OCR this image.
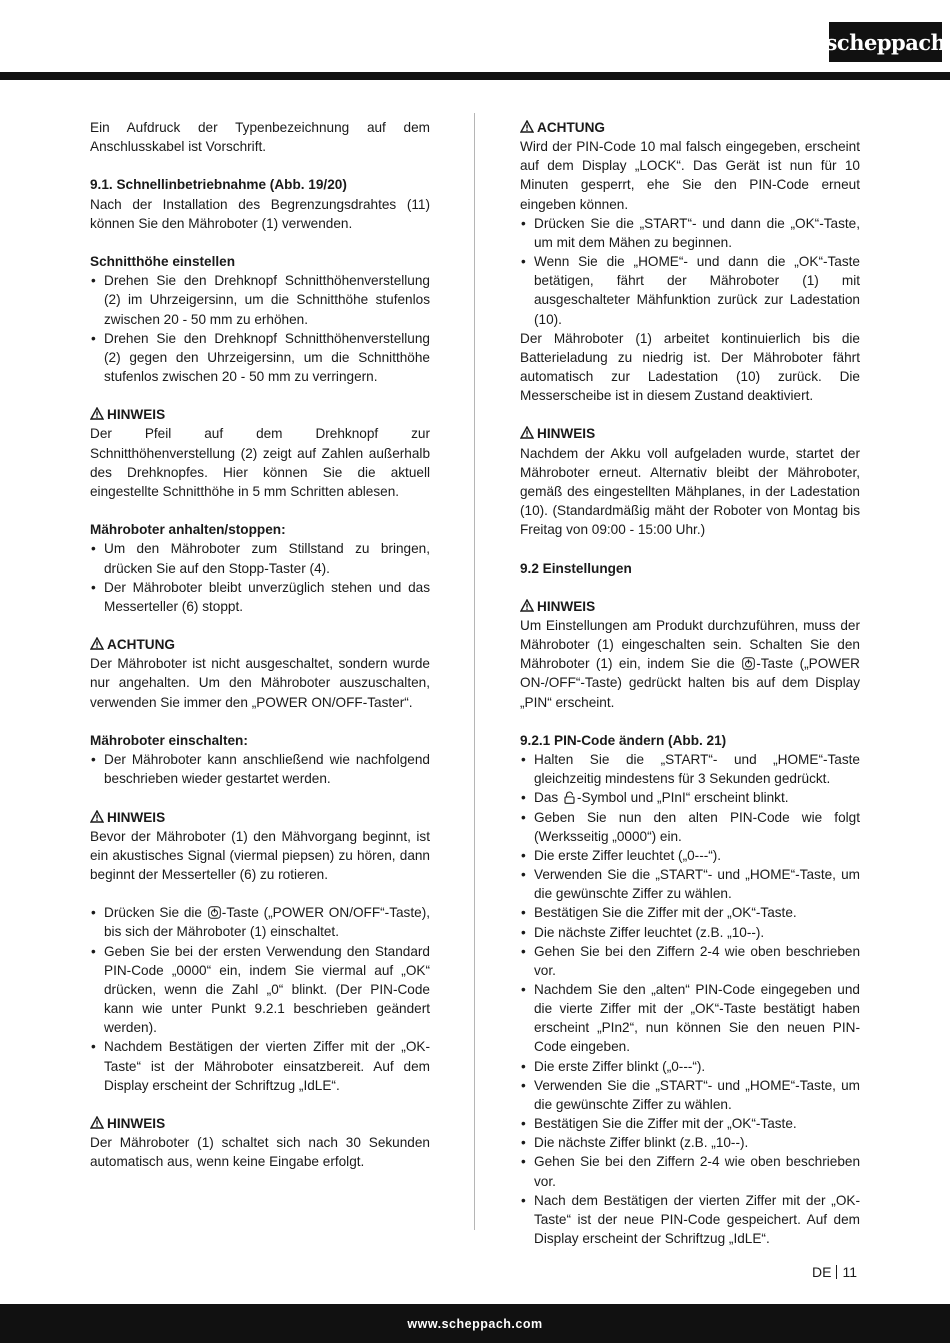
scheppach

Ein Aufdruck der Typenbezeichnung auf dem Anschlusskabel ist Vorschrift.

9.1. Schnellinbetriebnahme (Abb. 19/20)

Nach der Installation des Begrenzungsdrahtes (11) können Sie den Mähroboter (1) verwenden.

Schnitthöhe einstellen

• Drehen Sie den Drehknopf Schnitthöhenverstellung (2) im Uhrzeigersinn, um die Schnitthöhe stufenlos zwischen 20 - 50 mm zu erhöhen.
• Drehen Sie den Drehknopf Schnitthöhenverstellung (2) gegen den Uhrzeigersinn, um die Schnitthöhe stufenlos zwischen 20 - 50 mm zu verringern.

HINWEIS

Der Pfeil auf dem Drehknopf zur Schnitthöhenverstellung (2) zeigt auf Zahlen außerhalb des Drehknopfes. Hier können Sie die aktuell eingestellte Schnitthöhe in 5 mm Schritten ablesen.

Mähroboter anhalten/stoppen:

• Um den Mähroboter zum Stillstand zu bringen, drücken Sie auf den Stopp-Taster (4).
• Der Mähroboter bleibt unverzüglich stehen und das Messerteller (6) stoppt.

ACHTUNG

Der Mähroboter ist nicht ausgeschaltet, sondern wurde nur angehalten. Um den Mähroboter auszuschalten, verwenden Sie immer den „POWER ON/OFF-Taster“.

Mähroboter einschalten:

• Der Mähroboter kann anschließend wie nachfolgend beschrieben wieder gestartet werden.

HINWEIS

Bevor der Mähroboter (1) den Mähvorgang beginnt, ist ein akustisches Signal (viermal piepsen) zu hören, dann beginnt der Messerteller (6) zu rotieren.

• Drücken Sie die -Taste („POWER ON/OFF“-Taste), bis sich der Mähroboter (1) einschaltet.
• Geben Sie bei der ersten Verwendung den Standard PIN-Code „0000“ ein, indem Sie viermal auf „OK“ drücken, wenn die Zahl „0“ blinkt. (Der PIN-Code kann wie unter Punkt 9.2.1 beschrieben geändert werden).
• Nachdem Bestätigen der vierten Ziffer mit der „OK-Taste“ ist der Mähroboter einsatzbereit. Auf dem Display erscheint der Schriftzug „IdLE“.

HINWEIS

Der Mähroboter (1) schaltet sich nach 30 Sekunden automatisch aus, wenn keine Eingabe erfolgt.

ACHTUNG

Wird der PIN-Code 10 mal falsch eingegeben, erscheint auf dem Display „LOCK“. Das Gerät ist nun für 10 Minuten gesperrt, ehe Sie den PIN-Code erneut eingeben können.

• Drücken Sie die „START“- und dann die „OK“-Taste, um mit dem Mähen zu beginnen.
• Wenn Sie die „HOME“- und dann die „OK“-Taste betätigen, fährt der Mähroboter (1) mit ausgeschalteter Mähfunktion zurück zur Ladestation (10).

Der Mähroboter (1) arbeitet kontinuierlich bis die Batterieladung zu niedrig ist. Der Mähroboter fährt automatisch zur Ladestation (10) zurück. Die Messerscheibe ist in diesem Zustand deaktiviert.

HINWEIS

Nachdem der Akku voll aufgeladen wurde, startet der Mähroboter erneut. Alternativ bleibt der Mähroboter, gemäß des eingestellten Mähplanes, in der Ladestation (10). (Standardmäßig mäht der Roboter von Montag bis Freitag von 09:00 - 15:00 Uhr.)

9.2 Einstellungen

HINWEIS

Um Einstellungen am Produkt durchzuführen, muss der Mähroboter (1) eingeschalten sein. Schalten Sie den Mähroboter (1) ein, indem Sie die -Taste („POWER ON-/OFF“-Taste) gedrückt halten bis auf dem Display „PIN“ erscheint.

9.2.1 PIN-Code ändern (Abb. 21)

• Halten Sie die „START“- und „HOME“-Taste gleichzeitig mindestens für 3 Sekunden gedrückt.
• Das -Symbol und „PInI“ erscheint blinkt.
• Geben Sie nun den alten PIN-Code wie folgt (Werksseitig „0000“) ein.
• Die erste Ziffer leuchtet („0---“).
• Verwenden Sie die „START“- und „HOME“-Taste, um die gewünschte Ziffer zu wählen.
• Bestätigen Sie die Ziffer mit der „OK“-Taste.
• Die nächste Ziffer leuchtet (z.B. „10--).
• Gehen Sie bei den Ziffern 2-4 wie oben beschrieben vor.
• Nachdem Sie den „alten“ PIN-Code eingegeben und die vierte Ziffer mit der „OK“-Taste bestätigt haben erscheint „PIn2“, nun können Sie den neuen PIN-Code eingeben.
• Die erste Ziffer blinkt („0---“).
• Verwenden Sie die „START“- und „HOME“-Taste, um die gewünschte Ziffer zu wählen.
• Bestätigen Sie die Ziffer mit der „OK“-Taste.
• Die nächste Ziffer blinkt (z.B. „10--).
• Gehen Sie bei den Ziffern 2-4 wie oben beschrieben vor.
• Nach dem Bestätigen der vierten Ziffer mit der „OK-Taste“ ist der neue PIN-Code gespeichert. Auf dem Display erscheint der Schriftzug „IdLE“.
DE 11
www.scheppach.com
